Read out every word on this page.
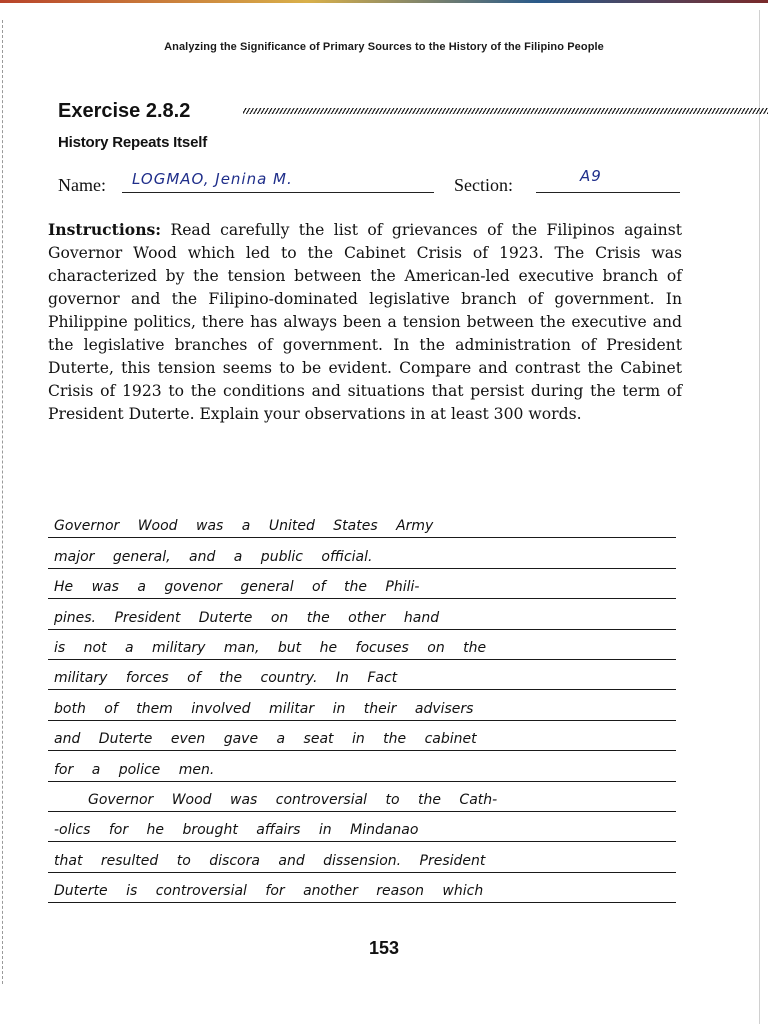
Analyzing the Significance of Primary Sources to the History of the Filipino People
Exercise 2.8.2
History Repeats Itself
Name: LOGMAO, Jenina M.	Section:	A9
Instructions: Read carefully the list of grievances of the Filipinos against Governor Wood which led to the Cabinet Crisis of 1923. The Crisis was characterized by the tension between the American-led executive branch of governor and the Filipino-dominated legislative branch of government. In Philippine politics, there has always been a tension between the executive and the legislative branches of government. In the administration of President Duterte, this tension seems to be evident. Compare and contrast the Cabinet Crisis of 1923 to the conditions and situations that persist during the term of President Duterte. Explain your observations in at least 300 words.
Governor Wood was a United States Army
major general, and a public official.
He was a govenor general of the Phili-
pines. President Duterte on the other hand
is not a military man, but he focuses on the
military forces of the country. In Fact
both of them involved militar in their advisers
and Duterte even gave a seat in the cabinet
for a police men.
Governor Wood was controversial to the Cath-
-olics for he brought affairs in Mindanao
that resulted to discora and dissension. President
Duterte is controversial for another reason which
153
